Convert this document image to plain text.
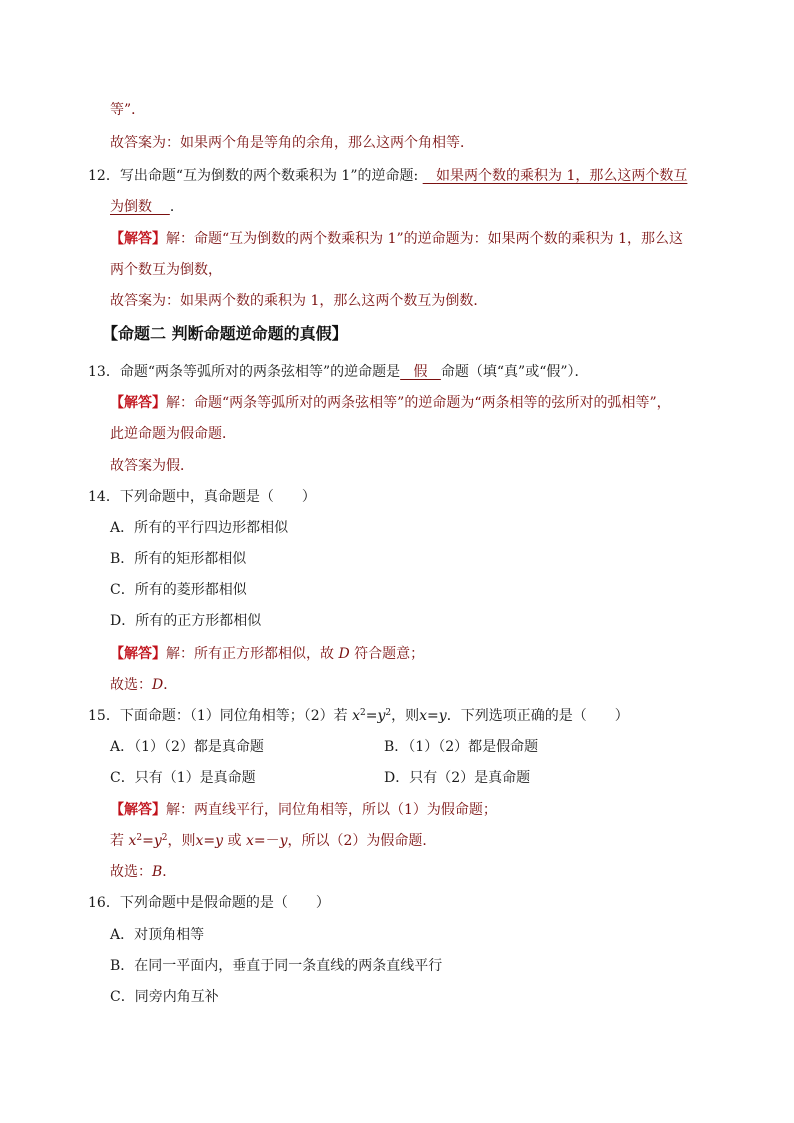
等”．
故答案为：如果两个角是等角的余角，那么这两个角相等．
12．写出命题“互为倒数的两个数乘积为 1”的逆命题: 如果两个数的乘积为 1，那么这两个数互
为倒数 ．
【解答】解：命题“互为倒数的两个数乘积为 1”的逆命题为：如果两个数的乘积为 1，那么这
两个数互为倒数，
故答案为：如果两个数的乘积为 1，那么这两个数互为倒数．
【命题二 判断命题逆命题的真假】
13．命题“两条等弧所对的两条弦相等”的逆命题是 假 命题（填“真”或“假”）．
【解答】解：命题“两条等弧所对的两条弦相等”的逆命题为“两条相等的弦所对的弧相等”，
此逆命题为假命题．
故答案为假．
14．下列命题中，真命题是（　　）
A．所有的平行四边形都相似
B．所有的矩形都相似
C．所有的菱形都相似
D．所有的正方形都相似
【解答】解：所有正方形都相似，故 D 符合题意；
故选：D．
15．下面命题：（1）同位角相等；（2）若 $x^2=y^2$，则x=y．下列选项正确的是（　　）
A．（1）（2）都是真命题	B．（1）（2）都是假命题
C．只有（1）是真命题	D．只有（2）是真命题
【解答】解：两直线平行，同位角相等，所以（1）为假命题；
若 $x^2=y^2$，则x=y 或 x=－y，所以（2）为假命题．
故选：B．
16．下列命题中是假命题的是（　　）
A．对顶角相等
B．在同一平面内，垂直于同一条直线的两条直线平行
C．同旁内角互补
